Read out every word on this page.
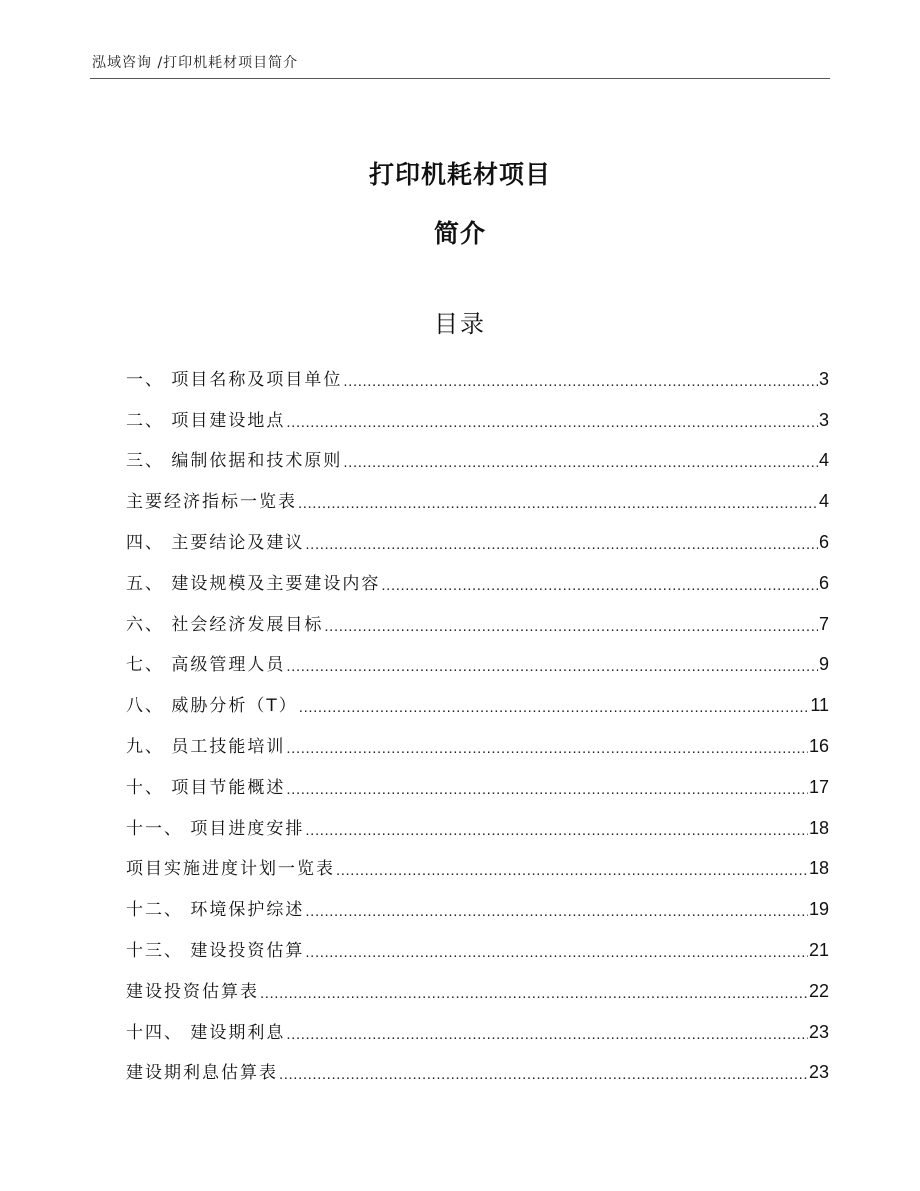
泓域咨询 /打印机耗材项目简介
打印机耗材项目
简介
目录
一、 项目名称及项目单位 .....	3
二、 项目建设地点 .....	3
三、 编制依据和技术原则 .....	4
主要经济指标一览表 .....	4
四、 主要结论及建议 .....	6
五、 建设规模及主要建设内容 .....	6
六、 社会经济发展目标 .....	7
七、 高级管理人员 .....	9
八、 威胁分析（T） .....	11
九、 员工技能培训 .....	16
十、 项目节能概述 .....	17
十一、 项目进度安排 .....	18
项目实施进度计划一览表 .....	18
十二、 环境保护综述 .....	19
十三、 建设投资估算 .....	21
建设投资估算表 .....	22
十四、 建设期利息 .....	23
建设期利息估算表 .....	23
